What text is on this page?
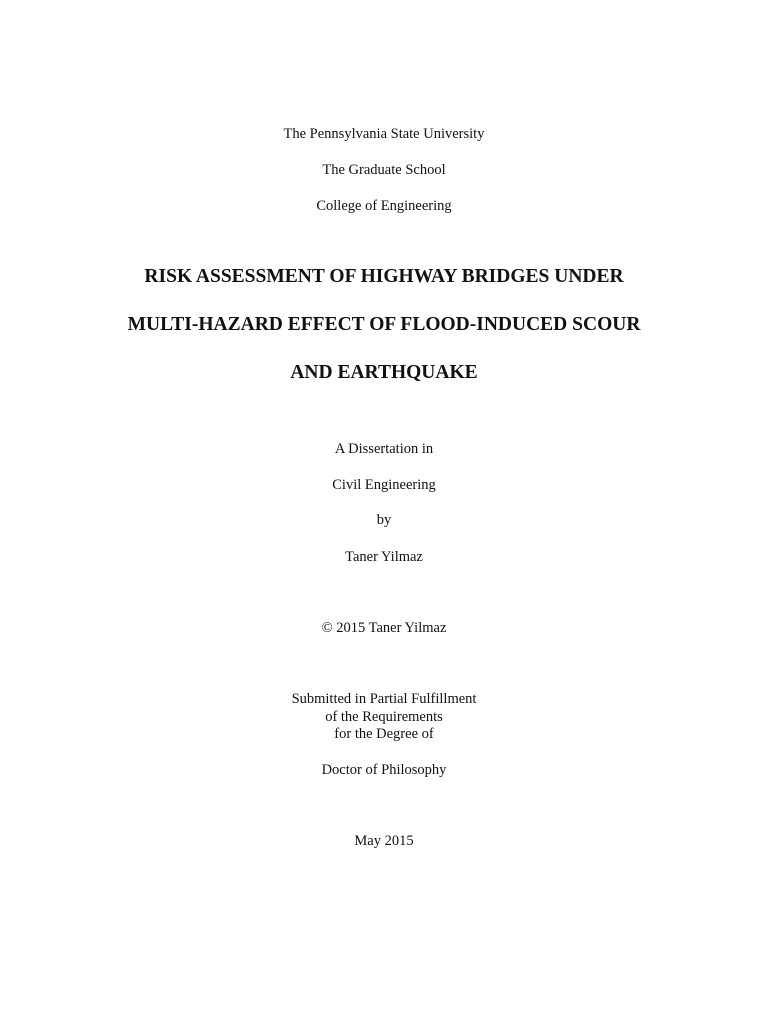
The Pennsylvania State University
The Graduate School
College of Engineering
RISK ASSESSMENT OF HIGHWAY BRIDGES UNDER
MULTI-HAZARD EFFECT OF FLOOD-INDUCED SCOUR
AND EARTHQUAKE
A Dissertation in
Civil Engineering
by
Taner Yilmaz
© 2015 Taner Yilmaz
Submitted in Partial Fulfillment
of the Requirements
for the Degree of
Doctor of Philosophy
May 2015
